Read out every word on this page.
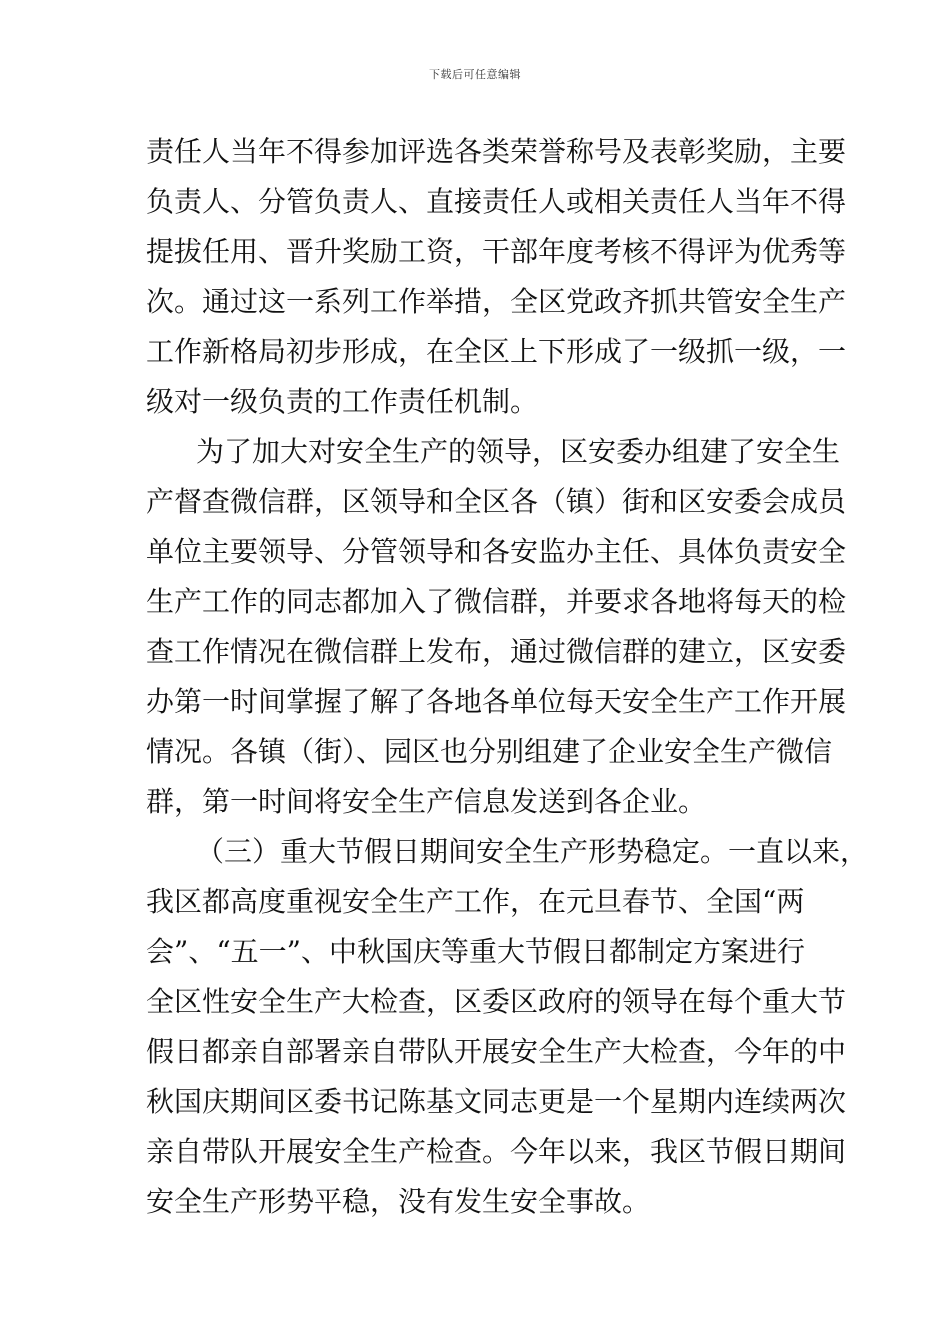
下载后可任意编辑
责任人当年不得参加评选各类荣誉称号及表彰奖励，主要
负责人、分管负责人、直接责任人或相关责任人当年不得
提拔任用、晋升奖励工资，干部年度考核不得评为优秀等
次。通过这一系列工作举措，全区党政齐抓共管安全生产
工作新格局初步形成，在全区上下形成了一级抓一级，一
级对一级负责的工作责任机制。
为了加大对安全生产的领导，区安委办组建了安全生
产督查微信群，区领导和全区各（镇）街和区安委会成员
单位主要领导、分管领导和各安监办主任、具体负责安全
生产工作的同志都加入了微信群，并要求各地将每天的检
查工作情况在微信群上发布，通过微信群的建立，区安委
办第一时间掌握了解了各地各单位每天安全生产工作开展
情况。各镇（街）、园区也分别组建了企业安全生产微信
群，第一时间将安全生产信息发送到各企业。
（三）重大节假日期间安全生产形势稳定。一直以来，
我区都高度重视安全生产工作，在元旦春节、全国“两
会”、“五一”、中秋国庆等重大节假日都制定方案进行
全区性安全生产大检查，区委区政府的领导在每个重大节
假日都亲自部署亲自带队开展安全生产大检查，今年的中
秋国庆期间区委书记陈基文同志更是一个星期内连续两次
亲自带队开展安全生产检查。今年以来，我区节假日期间
安全生产形势平稳，没有发生安全事故。
